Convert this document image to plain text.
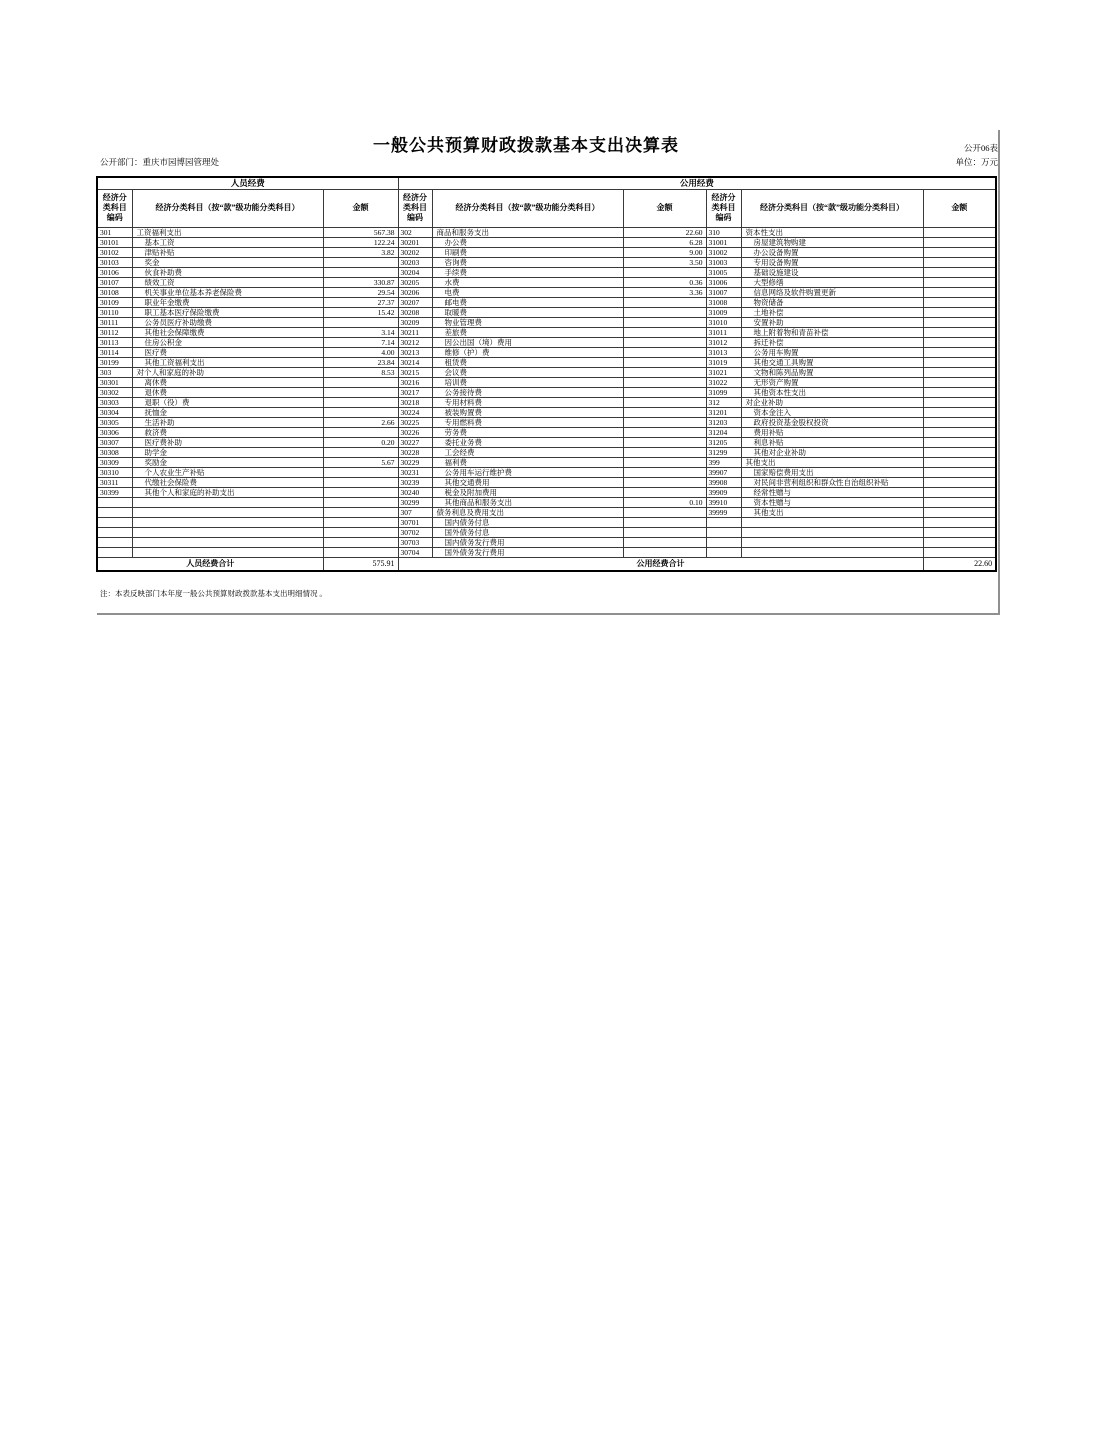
一般公共预算财政拨款基本支出决算表	公开06表
单位：万元
公开部门：重庆市园博园管理处
人员经费			公用经费					
经济分类科目编码	经济分类科目（按“款”级功能分类科目）	金额	经济分类科目编码	经济分类科目（按“款”级功能分类科目）	金额	经济分类科目编码	经济分类科目（按“款”级功能分类科目）	金额
301	工资福利支出	567.38	302	商品和服务支出	22.60	310	资本性支出	
30101	基本工资	122.24	30201	办公费	6.28	31001	房屋建筑物购建	
30102	津贴补贴	3.82	30202	印刷费	9.00	31002	办公设备购置	
30103	奖金		30203	咨询费	3.50	31003	专用设备购置	
30106	伙食补助费		30204	手续费		31005	基础设施建设	
30107	绩效工资	330.87	30205	水费	0.36	31006	大型修缮	
30108	机关事业单位基本养老保险费	29.54	30206	电费	3.36	31007	信息网络及软件购置更新	
30109	职业年金缴费	27.37	30207	邮电费		31008	物资储备	
30110	职工基本医疗保险缴费	15.42	30208	取暖费		31009	土地补偿	
30111	公务员医疗补助缴费		30209	物业管理费		31010	安置补助	
30112	其他社会保障缴费	3.14	30211	差旅费		31011	地上附着物和青苗补偿	
30113	住房公积金	7.14	30212	因公出国（境）费用		31012	拆迁补偿	
30114	医疗费	4.00	30213	维修（护）费		31013	公务用车购置	
30199	其他工资福利支出	23.84	30214	租赁费		31019	其他交通工具购置	
303	对个人和家庭的补助	8.53	30215	会议费		31021	文物和陈列品购置	
30301	离休费		30216	培训费		31022	无形资产购置	
30302	退休费		30217	公务接待费		31099	其他资本性支出	
30303	退职（役）费		30218	专用材料费		312	对企业补助	
30304	抚恤金		30224	被装购置费		31201	资本金注入	
30305	生活补助	2.66	30225	专用燃料费		31203	政府投资基金股权投资	
30306	救济费		30226	劳务费		31204	费用补贴	
30307	医疗费补助	0.20	30227	委托业务费		31205	利息补贴	
30308	助学金		30228	工会经费		31299	其他对企业补助	
30309	奖励金	5.67	30229	福利费		399	其他支出	
30310	个人农业生产补贴		30231	公务用车运行维护费		39907	国家赔偿费用支出	
30311	代缴社会保险费		30239	其他交通费用		39908	对民间非营利组织和群众性自治组织补贴	
30399	其他个人和家庭的补助支出		30240	税金及附加费用		39909	经常性赠与	
			30299	其他商品和服务支出	0.10	39910	资本性赠与	
			307	债务利息及费用支出		39999	其他支出	
			30701	国内债务付息				
			30702	国外债务付息				
			30703	国内债务发行费用				
			30704	国外债务发行费用				
人员经费合计		575.91	公用经费合计					22.60
注：本表反映部门本年度一般公共预算财政拨款基本支出明细情况 。
